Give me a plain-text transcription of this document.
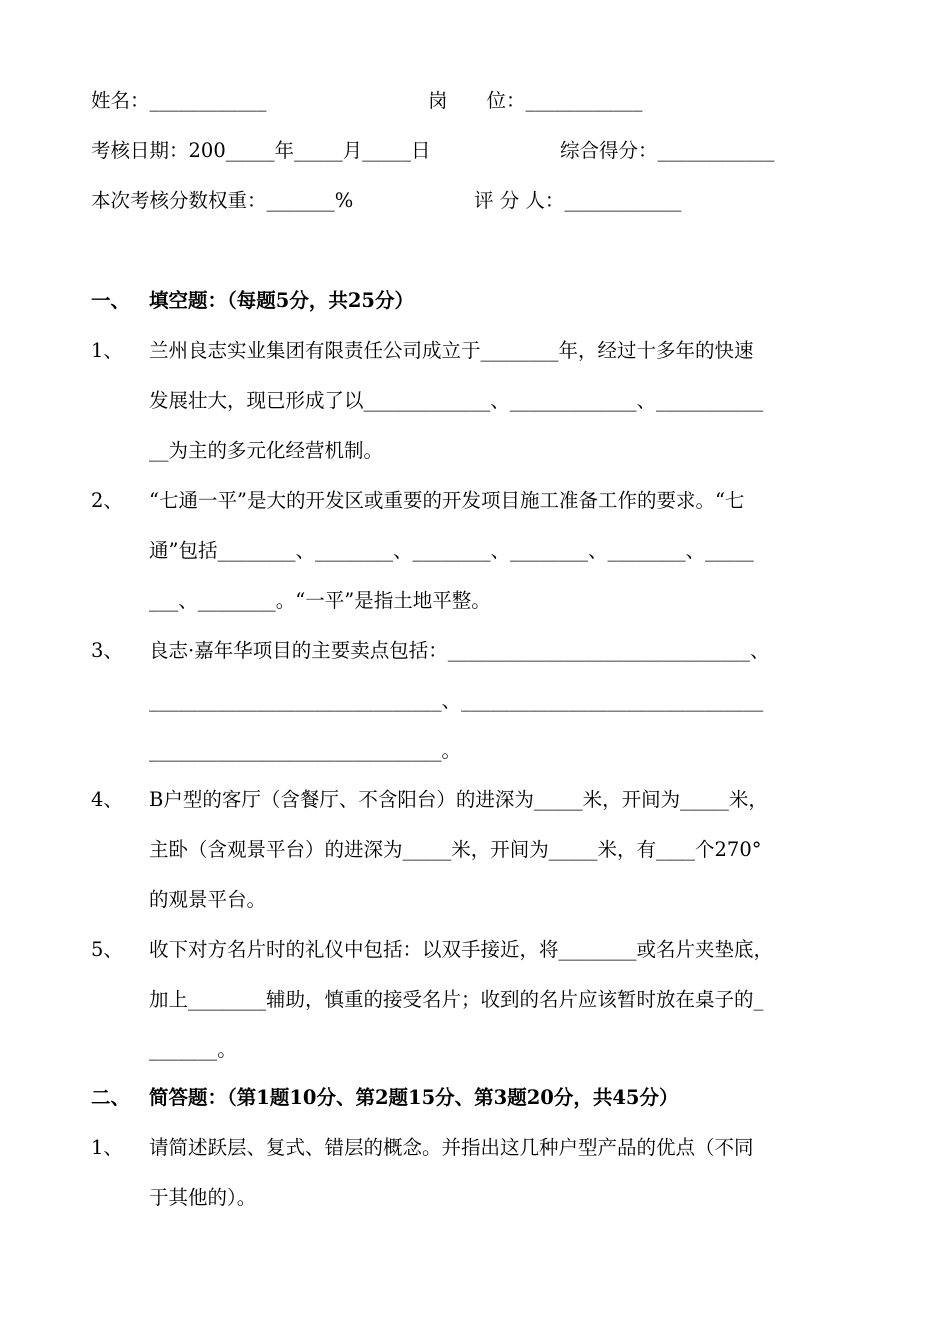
姓名：____________	岗　　位：____________
考核日期：200_____年_____月_____日	综合得分：____________
本次考核分数权重：_______%	评 分 人：____________
一、 填空题：（每题5分，共25分）
1、 兰州良志实业集团有限责任公司成立于________年，经过十多年的快速
发展壮大，现已形成了以_____________、_____________、___________
__为主的多元化经营机制。
2、 “七通一平”是大的开发区或重要的开发项目施工准备工作的要求。“七
通”包括________、________、________、________、________、_____
___、________。“一平”是指土地平整。
3、 良志·嘉年华项目的主要卖点包括：_______________________________、
______________________________、_______________________________
______________________________。
4、 B户型的客厅（含餐厅、不含阳台）的进深为_____米，开间为_____米，
主卧（含观景平台）的进深为_____米，开间为_____米，有____个270°
的观景平台。
5、 收下对方名片时的礼仪中包括：以双手接近，将________或名片夹垫底，
加上________辅助，慎重的接受名片；收到的名片应该暂时放在桌子的_
_______。
二、 简答题：（第1题10分、第2题15分、第3题20分，共45分）
1、 请简述跃层、复式、错层的概念。并指出这几种户型产品的优点（不同
于其他的）。
